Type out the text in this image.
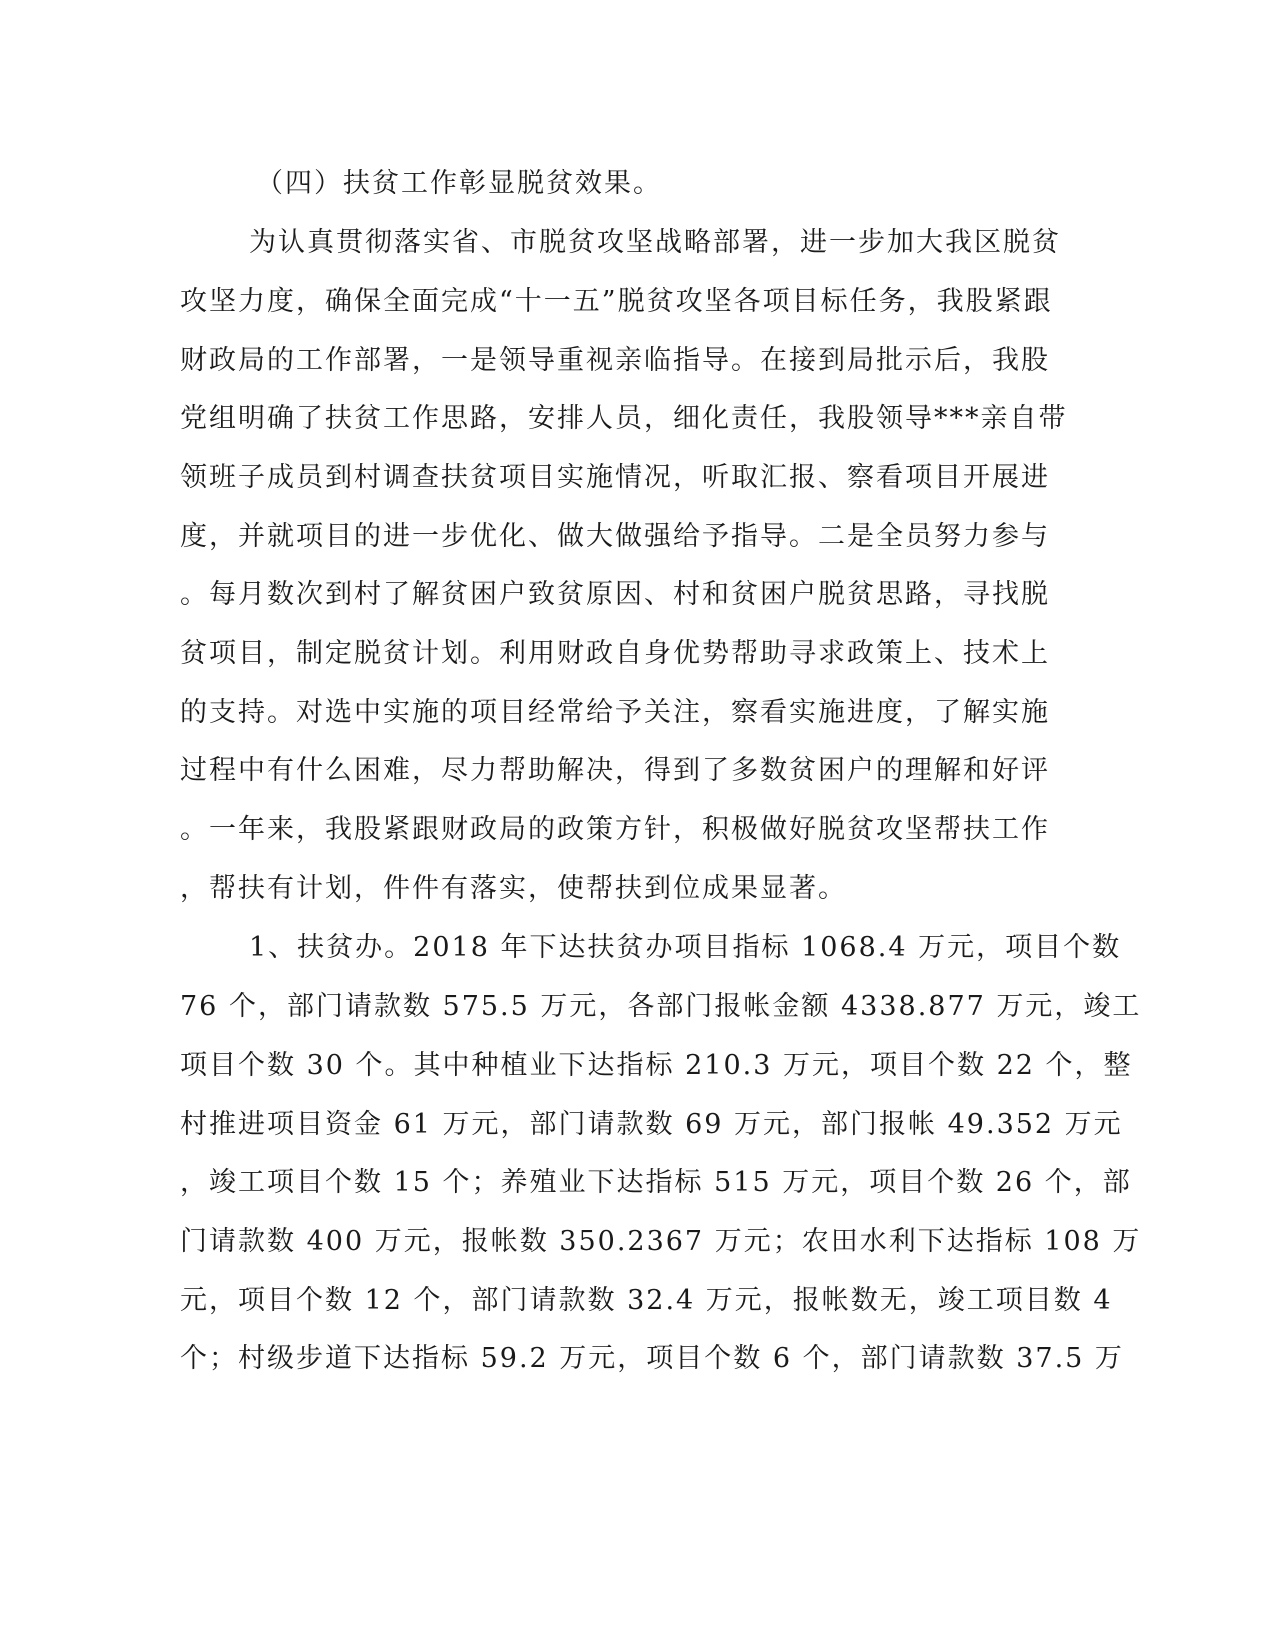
（四）扶贫工作彰显脱贫效果。
为认真贯彻落实省、市脱贫攻坚战略部署，进一步加大我区脱贫
攻坚力度，确保全面完成“十一五”脱贫攻坚各项目标任务，我股紧跟
财政局的工作部署，一是领导重视亲临指导。在接到局批示后，我股
党组明确了扶贫工作思路，安排人员，细化责任，我股领导***亲自带
领班子成员到村调查扶贫项目实施情况，听取汇报、察看项目开展进
度，并就项目的进一步优化、做大做强给予指导。二是全员努力参与
。每月数次到村了解贫困户致贫原因、村和贫困户脱贫思路，寻找脱
贫项目，制定脱贫计划。利用财政自身优势帮助寻求政策上、技术上
的支持。对选中实施的项目经常给予关注，察看实施进度，了解实施
过程中有什么困难，尽力帮助解决，得到了多数贫困户的理解和好评
。一年来，我股紧跟财政局的政策方针，积极做好脱贫攻坚帮扶工作
，帮扶有计划，件件有落实，使帮扶到位成果显著。
1、扶贫办。2018 年下达扶贫办项目指标 1068.4 万元，项目个数
76 个，部门请款数 575.5 万元，各部门报帐金额 4338.877 万元，竣工
项目个数 30 个。其中种植业下达指标 210.3 万元，项目个数 22 个，整
村推进项目资金 61 万元，部门请款数 69 万元，部门报帐 49.352 万元
，竣工项目个数 15 个；养殖业下达指标 515 万元，项目个数 26 个，部
门请款数 400 万元，报帐数 350.2367 万元；农田水利下达指标 108 万
元，项目个数 12 个，部门请款数 32.4 万元，报帐数无，竣工项目数 4
个；村级步道下达指标 59.2 万元，项目个数 6 个，部门请款数 37.5 万
